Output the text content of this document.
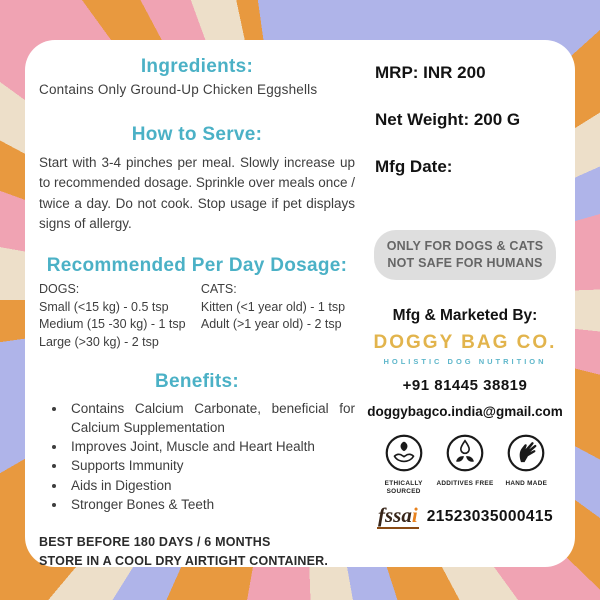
Ingredients:
Contains Only Ground-Up Chicken Eggshells
How to Serve:
Start with 3-4 pinches per meal. Slowly increase up to recommended dosage. Sprinkle over meals once / twice a day. Do not cook. Stop usage if pet displays signs of allergy.
Recommended Per Day Dosage:
DOGS:
Small (<15 kg) - 0.5 tsp
Medium (15 -30 kg) - 1 tsp
Large (>30 kg) - 2 tsp
CATS:
Kitten (<1 year old) - 1 tsp
Adult (>1 year old) - 2 tsp
Benefits:
• Contains Calcium Carbonate, beneficial for Calcium Supplementation
• Improves Joint, Muscle and Heart Health
• Supports Immunity
• Aids in Digestion
• Stronger Bones & Teeth
BEST BEFORE 180 DAYS / 6 MONTHS
STORE IN A COOL DRY AIRTIGHT CONTAINER.
MRP: INR 200
Net Weight: 200 G
Mfg Date:
ONLY FOR DOGS & CATS
NOT SAFE FOR HUMANS
Mfg & Marketed By:
DOGGY BAG CO.
HOLISTIC DOG NUTRITION
+91 81445 38819
doggybagco.india@gmail.com
ETHICALLY SOURCED
ADDITIVES FREE HAND MADE
fssai 21523035000415
